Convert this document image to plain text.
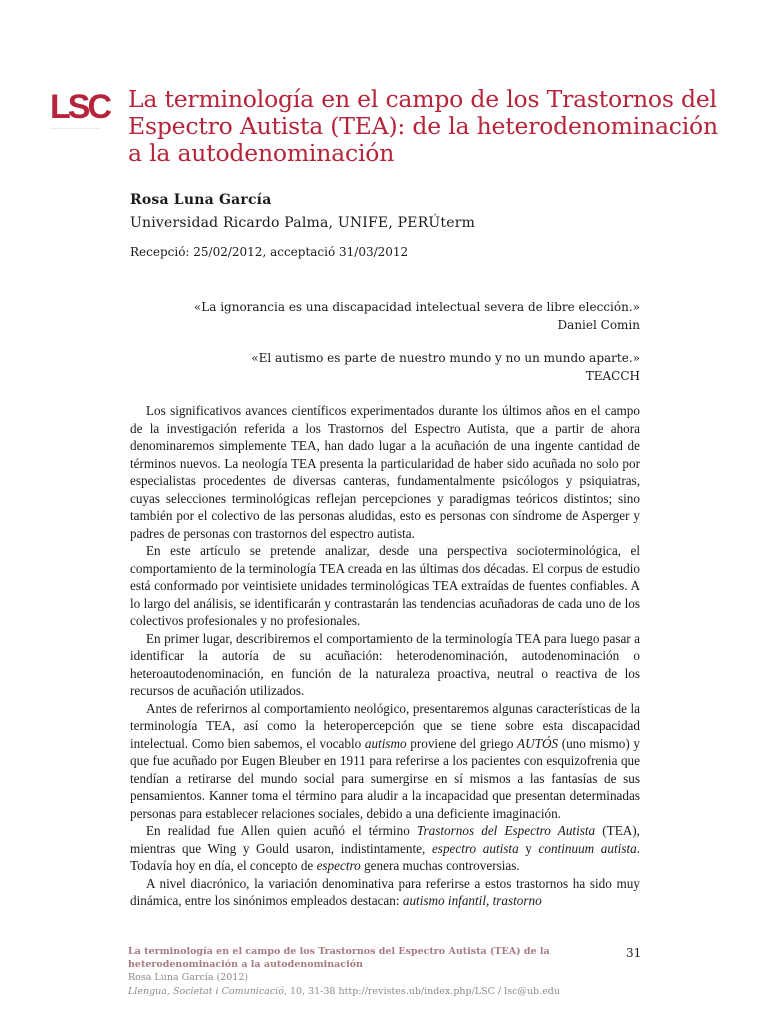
LSC La terminología en el campo de los Trastornos del Espectro Autista (TEA): de la heterodenominación a la autodenominación
Rosa Luna García
Universidad Ricardo Palma, UNIFE, PERÚterm
Recepció: 25/02/2012, acceptació 31/03/2012
«La ignorancia es una discapacidad intelectual severa de libre elección.»
Daniel Comin
«El autismo es parte de nuestro mundo y no un mundo aparte.»
TEACCH

Los significativos avances científicos experimentados durante los últimos años en el campo de la investigación referida a los Trastornos del Espectro Autista, que a partir de ahora denominaremos simplemente TEA, han dado lugar a la acuñación de una ingente cantidad de términos nuevos. La neología TEA presenta la particularidad de haber sido acuñada no solo por especialistas procedentes de diversas canteras, fundamentalmente psicólogos y psiquiatras, cuyas selecciones terminológicas reflejan percepciones y paradigmas teóricos distintos; sino también por el colectivo de las personas aludidas, esto es personas con síndrome de Asperger y padres de personas con trastornos del espectro autista.

En este artículo se pretende analizar, desde una perspectiva socioterminológica, el comportamiento de la terminología TEA creada en las últimas dos décadas. El corpus de estudio está conformado por veintisiete unidades terminológicas TEA extraídas de fuentes confiables. A lo largo del análisis, se identificarán y contrastarán las tendencias acuñadoras de cada uno de los colectivos profesionales y no profesionales.

En primer lugar, describiremos el comportamiento de la terminología TEA para luego pasar a identificar la autoría de su acuñación: heterodenominación, autodenominación o heteroautodenominación, en función de la naturaleza proactiva, neutral o reactiva de los recursos de acuñación utilizados.

Antes de referirnos al comportamiento neológico, presentaremos algunas características de la terminología TEA, así como la heteropercepción que se tiene sobre esta discapacidad intelectual. Como bien sabemos, el vocablo autismo proviene del griego AUTÓS (uno mismo) y que fue acuñado por Eugen Bleuber en 1911 para referirse a los pacientes con esquizofrenia que tendían a retirarse del mundo social para sumergirse en sí mismos a las fantasías de sus pensamientos. Kanner toma el término para aludir a la incapacidad que presentan determinadas personas para establecer relaciones sociales, debido a una deficiente imaginación.

En realidad fue Allen quien acuñó el término Trastornos del Espectro Autista (TEA), mientras que Wing y Gould usaron, indistintamente, espectro autista y continuum autista. Todavía hoy en día, el concepto de espectro genera muchas controversias.

A nivel diacrónico, la variación denominativa para referirse a estos trastornos ha sido muy dinámica, entre los sinónimos empleados destacan: autismo infantil, trastorno

La terminología en el campo de los Trastornos del Espectro Autista (TEA) de la heterodenominación a la autodenominación
Rosa Luna García (2012)
Llengua, Societat i Comunicació, 10, 31-38 http://revistes.ub/index.php/LSC / lsc@ub.edu
31
